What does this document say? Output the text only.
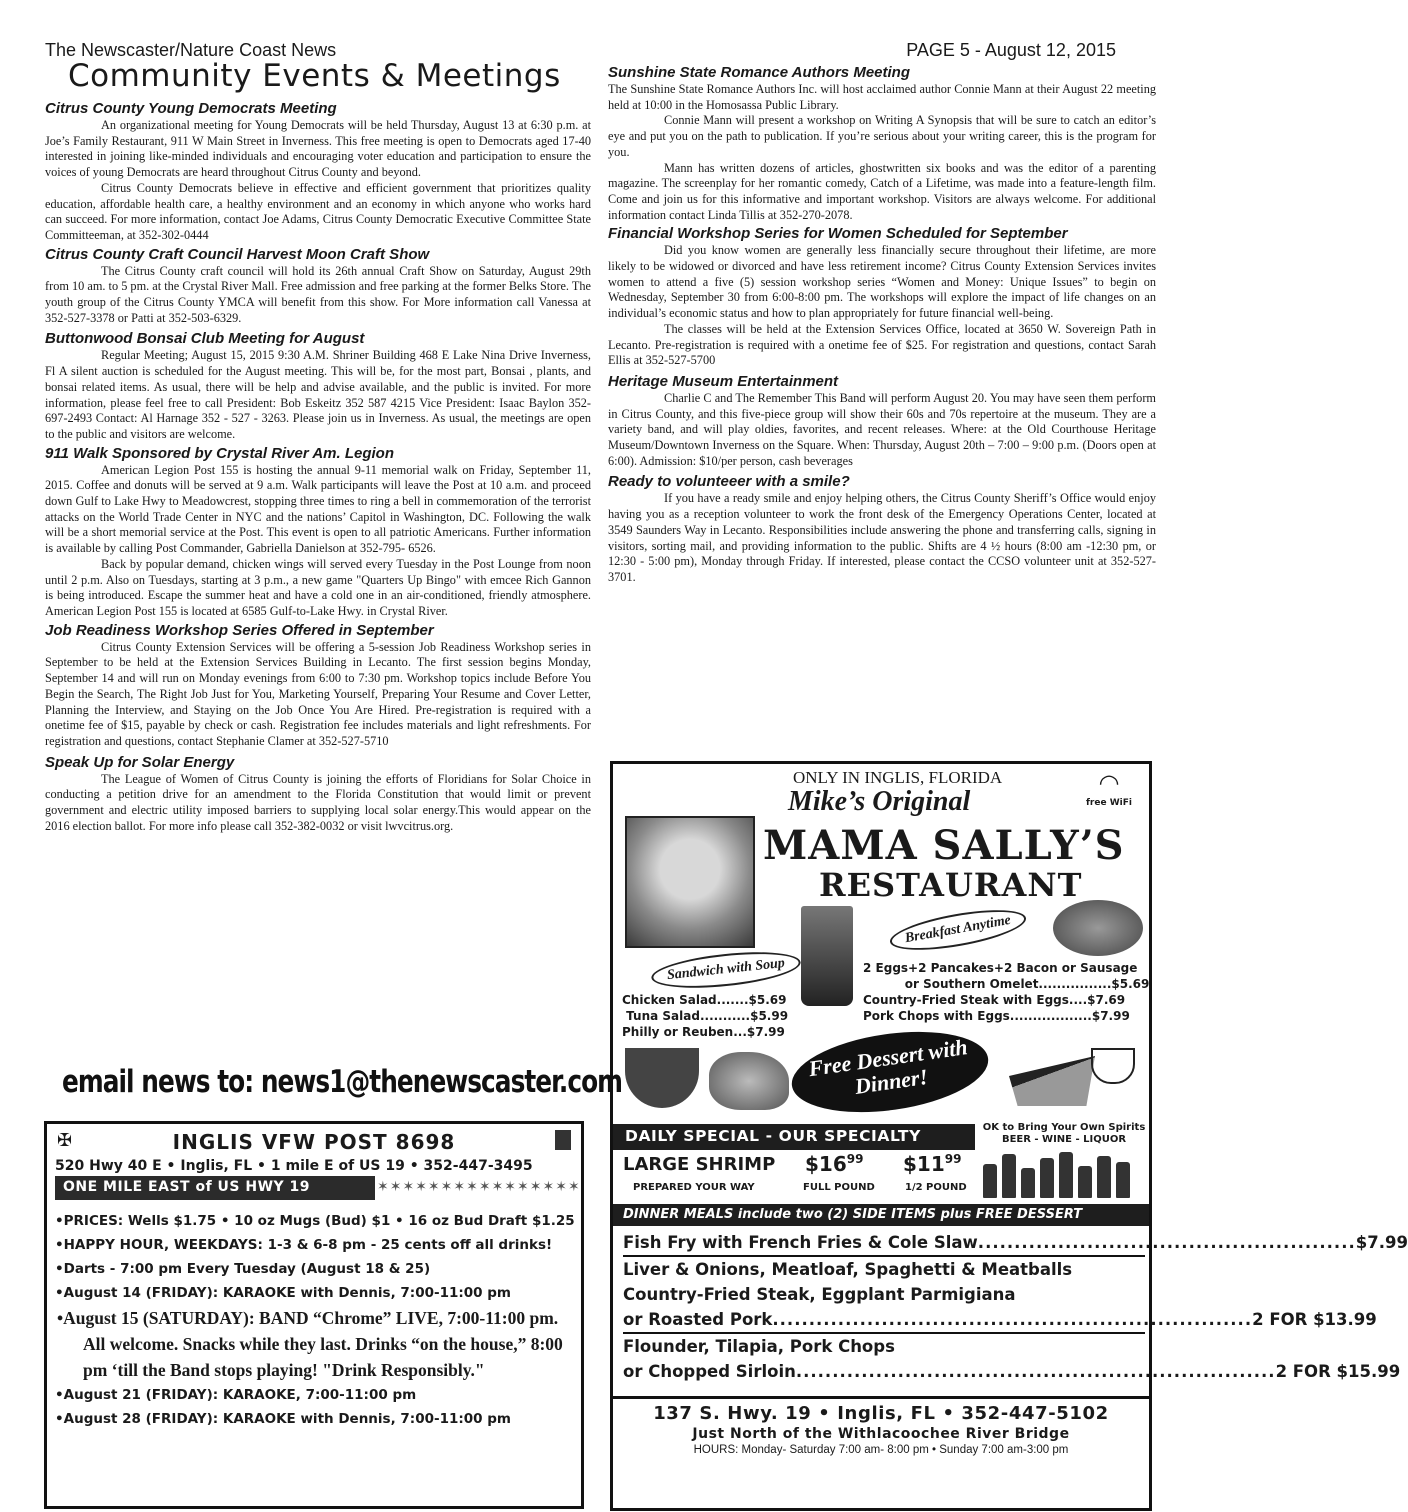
The Newscaster/Nature Coast News	PAGE 5 - August 12, 2015
Community Events & Meetings
Citrus County Young Democrats Meeting

An organizational meeting for Young Democrats will be held Thursday, August 13 at 6:30 p.m. at Joe’s Family Restaurant, 911 W Main Street in Inverness. This free meeting is open to Democrats aged 17-40 interested in joining like-minded individuals and encouraging voter education and participation to ensure the voices of young Democrats are heard throughout Citrus County and beyond.

Citrus County Democrats believe in effective and efficient government that prioritizes quality education, affordable health care, a healthy environment and an economy in which anyone who works hard can succeed. For more information, contact Joe Adams, Citrus County Democratic Executive Committee State Committeeman, at 352-302-0444

Citrus County Craft Council Harvest Moon Craft Show

The Citrus County craft council will hold its 26th annual Craft Show on Saturday, August 29th from 10 am. to 5 pm. at the Crystal River Mall. Free admission and free parking at the former Belks Store. The youth group of the Citrus County YMCA will benefit from this show. For More information call Vanessa at 352-527-3378 or Patti at 352-503-6329.

Buttonwood Bonsai Club Meeting for August

Regular Meeting; August 15, 2015 9:30 A.M. Shriner Building 468 E Lake Nina Drive Inverness, Fl A silent auction is scheduled for the August meeting. This will be, for the most part, Bonsai , plants, and bonsai related items. As usual, there will be help and advise available, and the public is invited. For more information, please feel free to call President: Bob Eskeitz 352 587 4215 Vice President: Isaac Baylon 352-697-2493 Contact: Al Harnage 352 - 527 - 3263. Please join us in Inverness. As usual, the meetings are open to the public and visitors are welcome.

911 Walk Sponsored by Crystal River Am. Legion

American Legion Post 155 is hosting the annual 9-11 memorial walk on Friday, September 11, 2015. Coffee and donuts will be served at 9 a.m. Walk participants will leave the Post at 10 a.m. and proceed down Gulf to Lake Hwy to Meadowcrest, stopping three times to ring a bell in commemoration of the terrorist attacks on the World Trade Center in NYC and the nations’ Capitol in Washington, DC. Following the walk will be a short memorial service at the Post. This event is open to all patriotic Americans. Further information is available by calling Post Commander, Gabriella Danielson at 352-795- 6526.

Back by popular demand, chicken wings will served every Tuesday in the Post Lounge from noon until 2 p.m. Also on Tuesdays, starting at 3 p.m., a new game "Quarters Up Bingo" with emcee Rich Gannon is being introduced. Escape the summer heat and have a cold one in an air-conditioned, friendly atmosphere. American Legion Post 155 is located at 6585 Gulf-to-Lake Hwy. in Crystal River.

Job Readiness Workshop Series Offered in September

Citrus County Extension Services will be offering a 5-session Job Readiness Workshop series in September to be held at the Extension Services Building in Lecanto. The first session begins Monday, September 14 and will run on Monday evenings from 6:00 to 7:30 pm. Workshop topics include Before You Begin the Search, The Right Job Just for You, Marketing Yourself, Preparing Your Resume and Cover Letter, Planning the Interview, and Staying on the Job Once You Are Hired. Pre-registration is required with a onetime fee of $15, payable by check or cash. Registration fee includes materials and light refreshments. For registration and questions, contact Stephanie Clamer at 352-527-5710

Speak Up for Solar Energy

The League of Women of Citrus County is joining the efforts of Floridians for Solar Choice in conducting a petition drive for an amendment to the Florida Constitution that would limit or prevent government and electric utility imposed barriers to supplying local solar energy.This would appear on the 2016 election ballot. For more info please call 352-382-0032 or visit lwvcitrus.org.

Sunshine State Romance Authors Meeting

The Sunshine State Romance Authors Inc. will host acclaimed author Connie Mann at their August 22 meeting held at 10:00 in the Homosassa Public Library.

Connie Mann will present a workshop on Writing A Synopsis that will be sure to catch an editor’s eye and put you on the path to publication. If you’re serious about your writing career, this is the program for you.

Mann has written dozens of articles, ghostwritten six books and was the editor of a parenting magazine. The screenplay for her romantic comedy, Catch of a Lifetime, was made into a feature-length film. Come and join us for this informative and important workshop. Visitors are always welcome. For additional information contact Linda Tillis at 352-270-2078.

Financial Workshop Series for Women Scheduled for September

Did you know women are generally less financially secure throughout their lifetime, are more likely to be widowed or divorced and have less retirement income? Citrus County Extension Services invites women to attend a five (5) session workshop series “Women and Money: Unique Issues” to begin on Wednesday, September 30 from 6:00-8:00 pm. The workshops will explore the impact of life changes on an individual’s economic status and how to plan appropriately for future financial well-being.

The classes will be held at the Extension Services Office, located at 3650 W. Sovereign Path in Lecanto. Pre-registration is required with a onetime fee of $25. For registration and questions, contact Sarah Ellis at 352-527-5700

Heritage Museum Entertainment

Charlie C and The Remember This Band will perform August 20. You may have seen them perform in Citrus County, and this five-piece group will show their 60s and 70s repertoire at the museum. They are a variety band, and will play oldies, favorites, and recent releases. Where: at the Old Courthouse Heritage Museum/Downtown Inverness on the Square. When: Thursday, August 20th – 7:00 – 9:00 p.m. (Doors open at 6:00). Admission: $10/per person, cash beverages

Ready to volunteeer with a smile?

If you have a ready smile and enjoy helping others, the Citrus County Sheriff’s Office would enjoy having you as a reception volunteer to work the front desk of the Emergency Operations Center, located at 3549 Saunders Way in Lecanto. Responsibilities include answering the phone and transferring calls, signing in visitors, sorting mail, and providing information to the public. Shifts are 4 ½ hours (8:00 am -12:30 pm, or 12:30 - 5:00 pm), Monday through Friday. If interested, please contact the CCSO volunteer unit at 352-527-3701.

email news to: news1@thenewscaster.com
✠	INGLIS VFW POST 8698
520 Hwy 40 E • Inglis, FL • 1 mile E of US 19 • 352-447-3495
ONE MILE EAST of US HWY 19	✶✶✶✶✶✶✶✶✶✶✶✶✶✶✶✶
•PRICES: Wells $1.75 • 10 oz Mugs (Bud) $1 • 16 oz Bud Draft $1.25
•HAPPY HOUR, WEEKDAYS: 1-3 & 6-8 pm - 25 cents off all drinks!
•Darts - 7:00 pm Every Tuesday (August 18 & 25)
•August 14 (FRIDAY): KARAOKE with Dennis, 7:00-11:00 pm
•August 15 (SATURDAY): BAND “Chrome” LIVE, 7:00-11:00 pm. All welcome. Snacks while they last. Drinks “on the house,” 8:00 pm ‘till the Band stops playing! "Drink Responsibly."
•August 21 (FRIDAY): KARAOKE, 7:00-11:00 pm
•August 28 (FRIDAY): KARAOKE with Dennis, 7:00-11:00 pm
ONLY IN INGLIS, FLORIDA
Mike’s Original
◠
free WiFi
MAMA SALLY’S
RESTAURANT
Breakfast Anytime
Sandwich with Soup
Chicken Salad.......$5.69
Tuna Salad...........$5.99
Philly or Reuben...$7.99
2 Eggs+2 Pancakes+2 Bacon or Sausage
or Southern Omelet................$5.69
Country-Fried Steak with Eggs....$7.69
Pork Chops with Eggs..................$7.99
Free Dessert with Dinner!
DAILY SPECIAL - OUR SPECIALTY	OK to Bring Your Own Spirits
BEER - WINE - LIQUOR
LARGE SHRIMP $\$16^{99}$ $\$11^{99}$
PREPARED YOUR WAY	FULL POUND	1/2 POUND
DINNER MEALS include two (2) SIDE ITEMS plus FREE DESSERT
Fish Fry with French Fries & Cole Slaw .................................................... $7.99
Liver & Onions, Meatloaf, Spaghetti & Meatballs
Country-Fried Steak, Eggplant Parmigiana
or Roasted Pork .................................................................. 2 FOR $13.99
Flounder, Tilapia, Pork Chops
or Chopped Sirloin .................................................................. 2 FOR $15.99
137 S. Hwy. 19 • Inglis, FL • 352-447-5102
Just North of the Withlacoochee River Bridge
HOURS: Monday- Saturday 7:00 am- 8:00 pm • Sunday 7:00 am-3:00 pm
